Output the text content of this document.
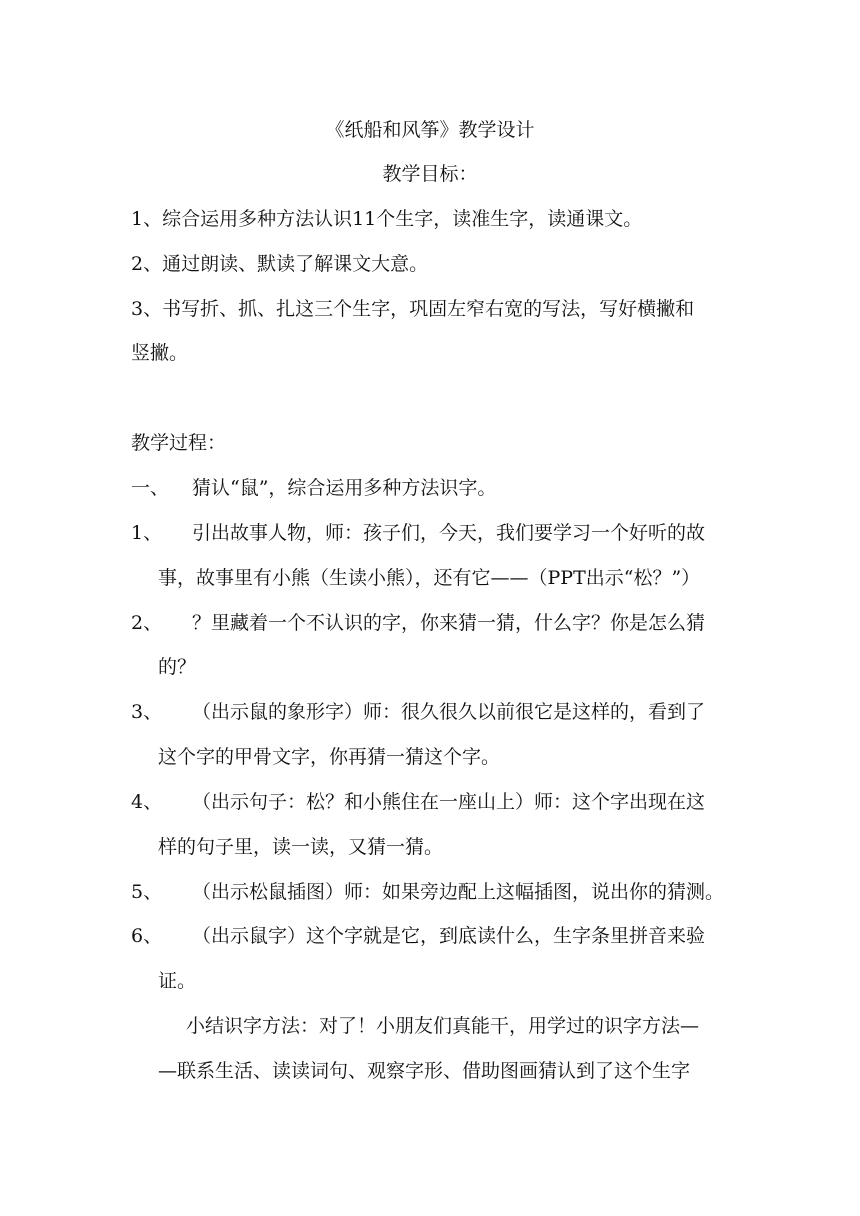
《纸船和风筝》教学设计
教学目标：
1、综合运用多种方法认识11个生字，读准生字，读通课文。
2、通过朗读、默读了解课文大意。
3、书写折、抓、扎这三个生字，巩固左窄右宽的写法，写好横撇和
竖撇。
教学过程：
一、 猜认“鼠”，综合运用多种方法识字。
1、 引出故事人物，师：孩子们，今天，我们要学习一个好听的故
事，故事里有小熊（生读小熊），还有它——（PPT出示“松？”）
2、 ？里藏着一个不认识的字，你来猜一猜，什么字？你是怎么猜
的？
3、 （出示鼠的象形字）师：很久很久以前很它是这样的，看到了
这个字的甲骨文字，你再猜一猜这个字。
4、 （出示句子：松？和小熊住在一座山上）师：这个字出现在这
样的句子里，读一读，又猜一猜。
5、 （出示松鼠插图）师：如果旁边配上这幅插图，说出你的猜测。
6、 （出示鼠字）这个字就是它，到底读什么，生字条里拼音来验
证。
小结识字方法：对了！小朋友们真能干，用学过的识字方法—
—联系生活、读读词句、观察字形、借助图画猜认到了这个生字
